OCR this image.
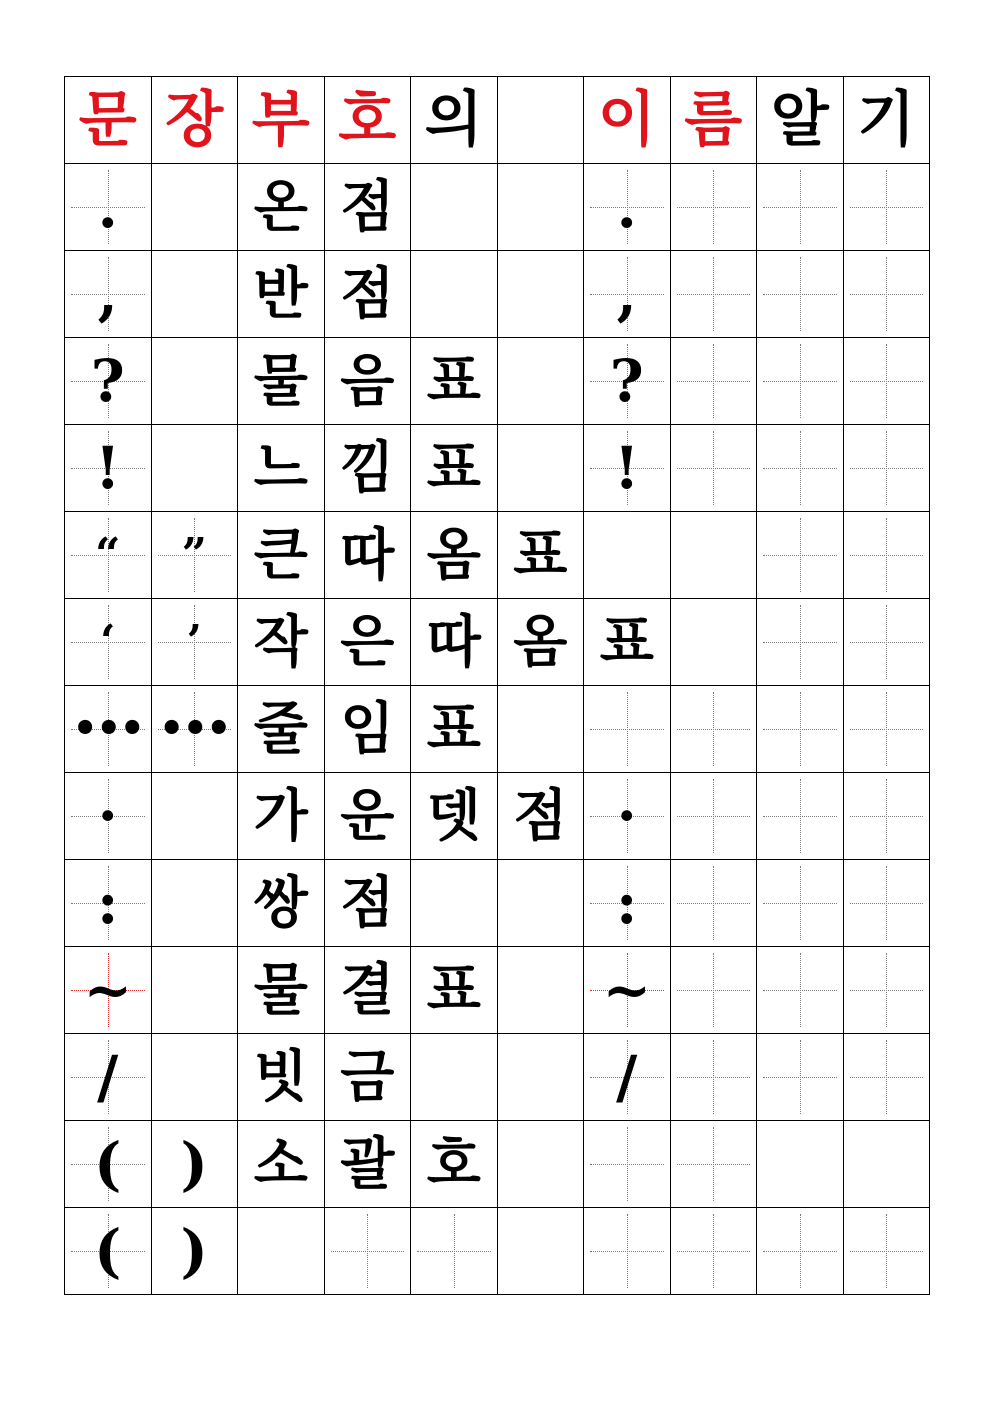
문	장	부	호	의		이	름	알	기
.		온	점			.			
,		반	점			,			
?		물	음	표		?			
!		느	낌	표		!			
“	”	큰	따	옴	표				
‘	’	작	은	따	옴	표			
•••	•••	줄	임	표					
·		가	운	뎃	점	·			
:		쌍	점			:			
~		물	결	표		~			
/		빗	금			/			
(	)	소	괄	호					
(	)								
